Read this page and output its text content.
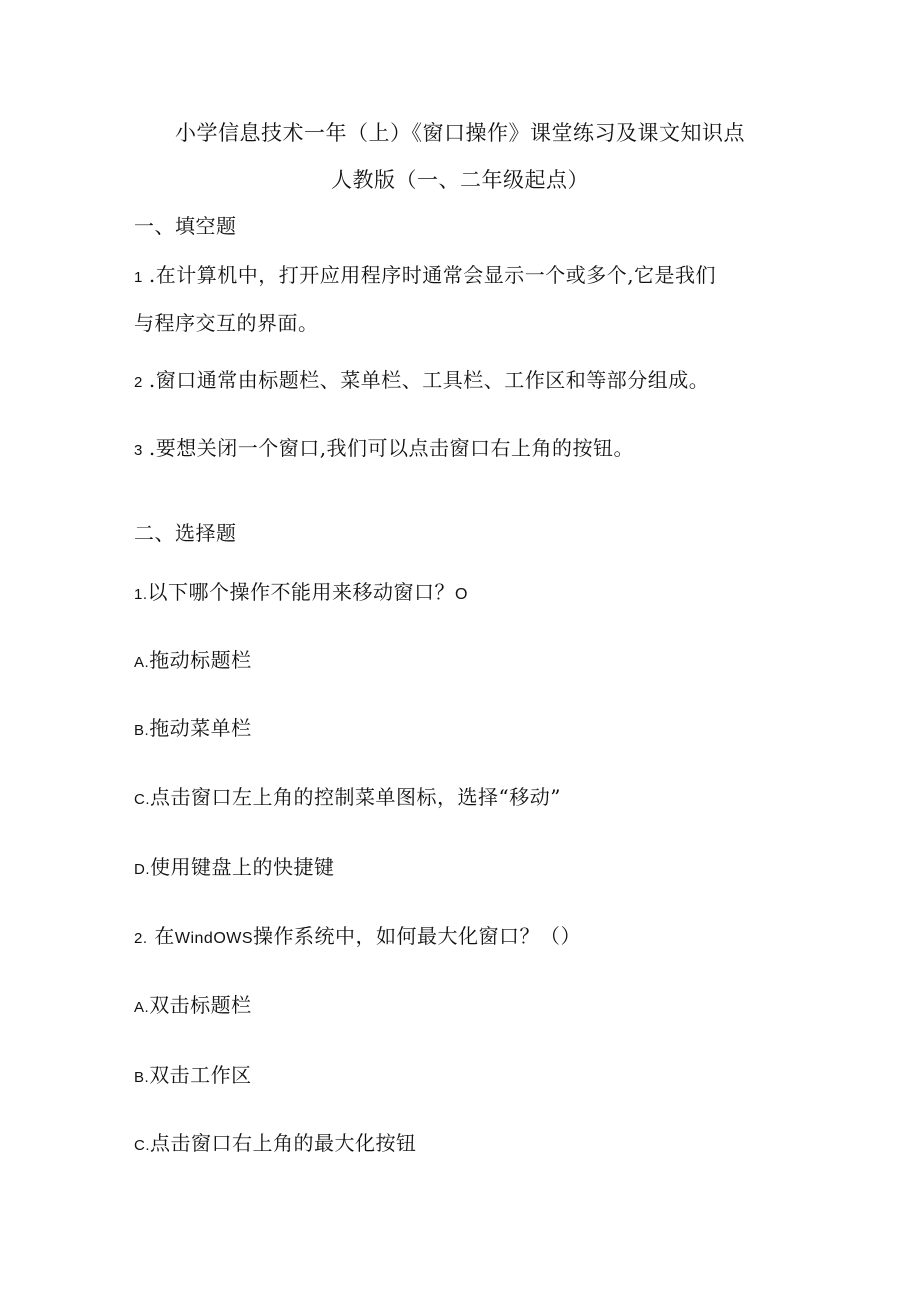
小学信息技术一年（上）《窗口操作》课堂练习及课文知识点
人教版（一、二年级起点）
一、填空题
1 .在计算机中，打开应用程序时通常会显示一个或多个,它是我们
与程序交互的界面。
2 .窗口通常由标题栏、菜单栏、工具栏、工作区和等部分组成。
3 .要想关闭一个窗口,我们可以点击窗口右上角的按钮。
二、选择题
1.以下哪个操作不能用来移动窗口？O
A.拖动标题栏
B.拖动菜单栏
C.点击窗口左上角的控制菜单图标，选择“移动”
D.使用键盘上的快捷键
2. 在WindOWS操作系统中，如何最大化窗口？（）
A.双击标题栏
B.双击工作区
C.点击窗口右上角的最大化按钮
